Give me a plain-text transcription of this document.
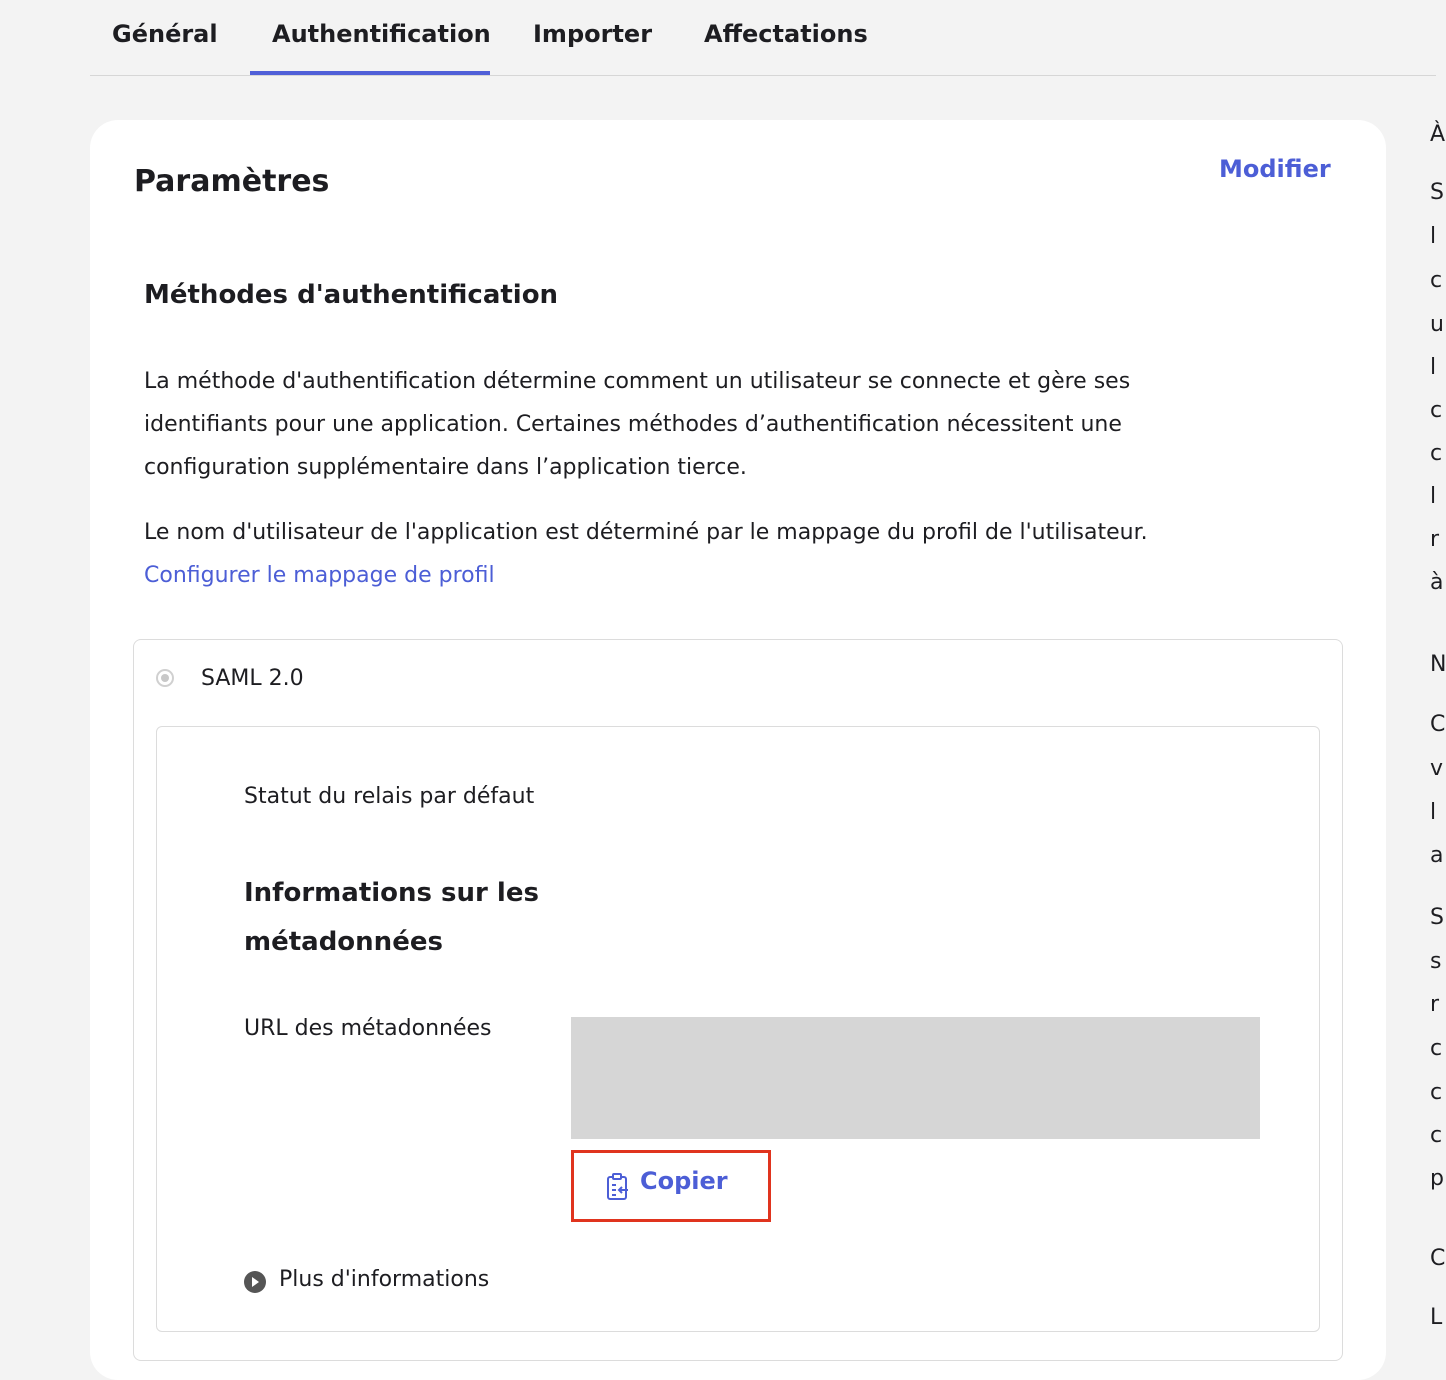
Général Authentification Importer Affectations
Paramètres	Modifier
Méthodes d'authentification
La méthode d'authentification détermine comment un utilisateur se connecte et gère ses identifiants pour une application. Certaines méthodes d’authentification nécessitent une configuration supplémentaire dans l’application tierce.
Le nom d'utilisateur de l'application est déterminé par le mappage du profil de l'utilisateur.
Configurer le mappage de profil
SAML 2.0
Statut du relais par défaut
Informations sur les métadonnées
URL des métadonnées
Copier
Plus d'informations
À
S
l
c
u
l
c
c
l
r
à
N
C
v
l
a
S
s
r
c
c
c
p
C
L
